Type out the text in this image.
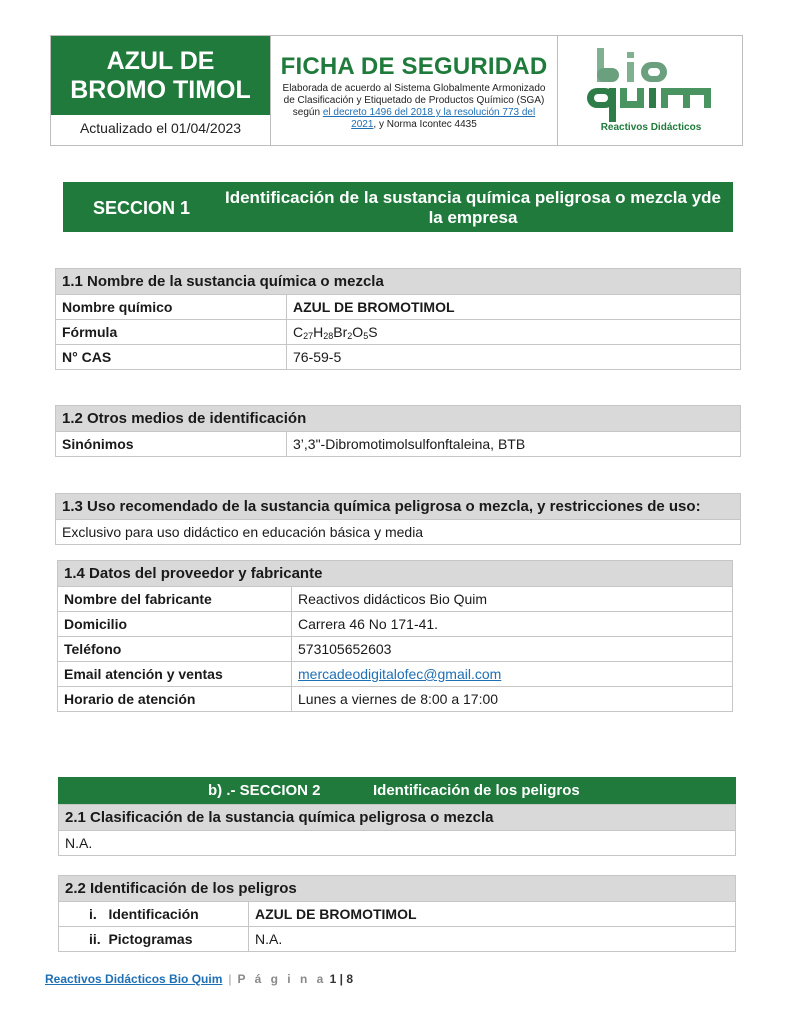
AZUL DE
BROMO TIMOL
Actualizado el 01/04/2023
FICHA DE SEGURIDAD
Elaborada de acuerdo al Sistema Globalmente Armonizado
de Clasificación y Etiquetado de Productos Químico (SGA)
según el decreto 1496 del 2018 y la resolución 773 del
2021, y Norma Icontec 4435	Reactivos Didácticos
SECCION 1
Identificación de la sustancia química peligrosa o mezcla yde la empresa
1.1 Nombre de la sustancia química o mezcla	
Nombre químico	AZUL DE BROMOTIMOL
Fórmula	$C_{27}H_{28}Br_2O_5S$
N° CAS	76-59-5
1.2 Otros medios de identificación
Sinónimos	3’,3"-Dibromotimolsulfonftaleina, BTB
1.3 Uso recomendado de la sustancia química peligrosa o mezcla, y restricciones de uso:
Exclusivo para uso didáctico en educación básica y media
1.4 Datos del proveedor y fabricante	
Nombre del fabricante	Reactivos didácticos Bio Quim
Domicilio	Carrera 46 No 171-41.
Teléfono	573105652603
Email atención y ventas	mercadeodigitalofec@gmail.com
Horario de atención	Lunes a viernes de 8:00 a 17:00
b) .- SECCION 2	Identificación de los peligros
2.1 Clasificación de la sustancia química peligrosa o mezcla
N.A.
2.2 Identificación de los peligros	
i. Identificación	AZUL DE BROMOTIMOL
ii. Pictogramas	N.A.
Reactivos Didácticos Bio Quim | P á g i n a 1 | 8
